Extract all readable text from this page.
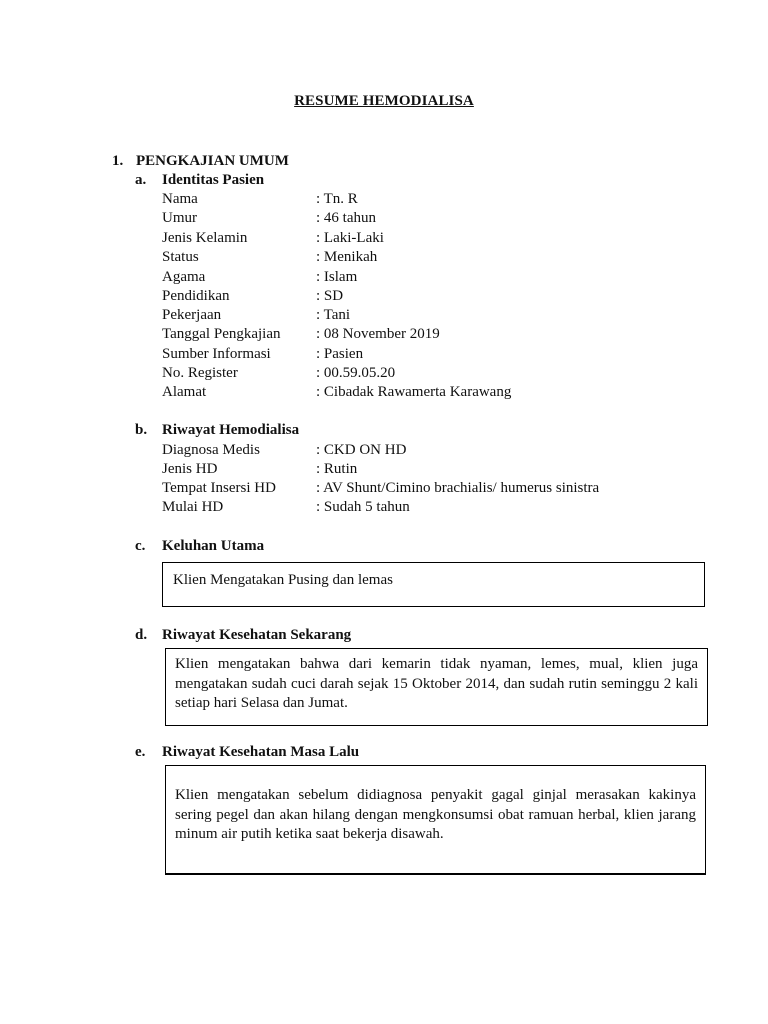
RESUME HEMODIALISA
1. PENGKAJIAN UMUM
a. Identitas Pasien
Nama	: Tn. R
Umur	: 46 tahun
Jenis Kelamin	: Laki-Laki
Status	: Menikah
Agama	: Islam
Pendidikan	: SD
Pekerjaan	: Tani
Tanggal Pengkajian : 08 November 2019
Sumber Informasi	: Pasien
No. Register	: 00.59.05.20
Alamat	: Cibadak Rawamerta Karawang
b. Riwayat Hemodialisa
Diagnosa Medis	: CKD ON HD
Jenis HD	: Rutin
Tempat Insersi HD	: AV Shunt/Cimino brachialis/ humerus sinistra
Mulai HD	: Sudah 5 tahun
c. Keluhan Utama
Klien Mengatakan Pusing dan lemas
d. Riwayat Kesehatan Sekarang
Klien mengatakan bahwa dari kemarin tidak nyaman, lemes, mual, klien juga mengatakan sudah cuci darah sejak 15 Oktober 2014, dan sudah rutin seminggu 2 kali setiap hari Selasa dan Jumat.
e. Riwayat Kesehatan Masa Lalu
Klien mengatakan sebelum didiagnosa penyakit gagal ginjal merasakan kakinya sering pegel dan akan hilang dengan mengkonsumsi obat ramuan herbal, klien jarang minum air putih ketika saat bekerja disawah.
